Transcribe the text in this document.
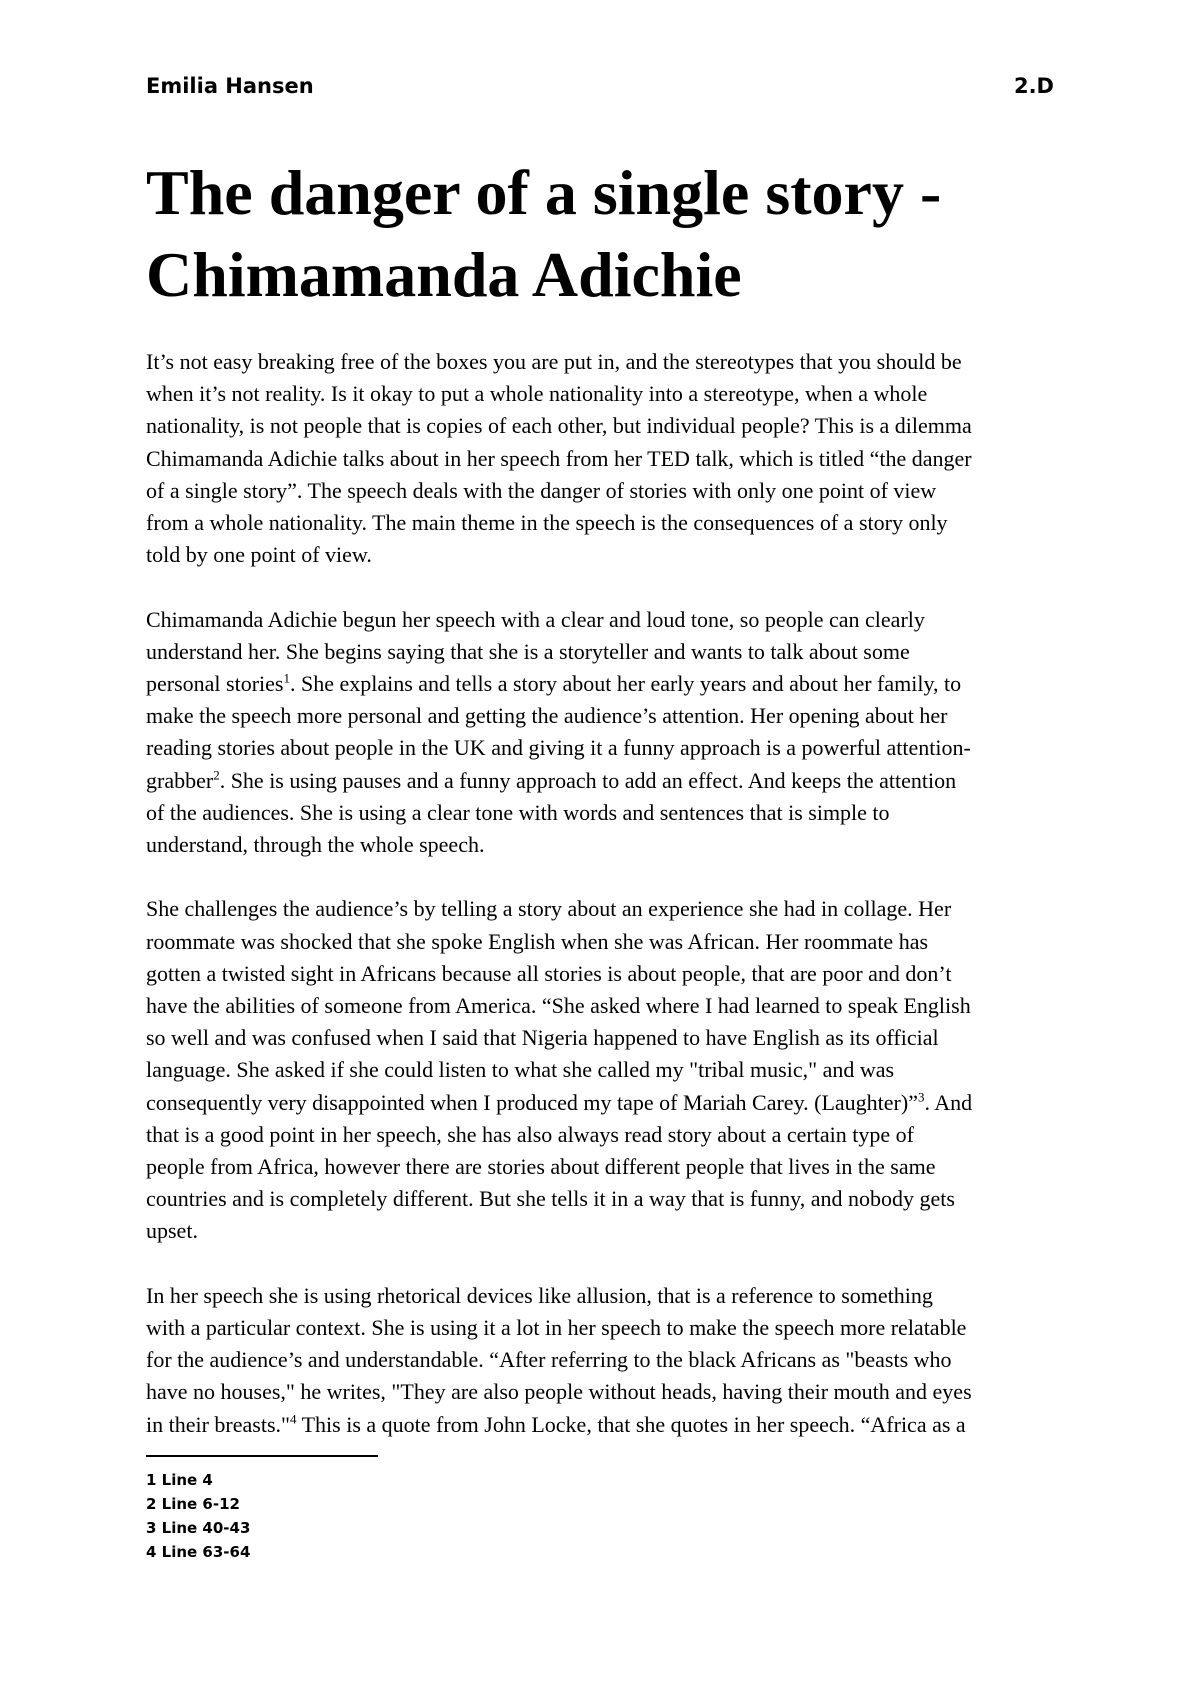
Emilia Hansen	2.D
The danger of a single story -
Chimamanda Adichie

It’s not easy breaking free of the boxes you are put in, and the stereotypes that you should be
when it’s not reality. Is it okay to put a whole nationality into a stereotype, when a whole
nationality, is not people that is copies of each other, but individual people? This is a dilemma
Chimamanda Adichie talks about in her speech from her TED talk, which is titled “the danger
of a single story”. The speech deals with the danger of stories with only one point of view
from a whole nationality. The main theme in the speech is the consequences of a story only
told by one point of view.

Chimamanda Adichie begun her speech with a clear and loud tone, so people can clearly
understand her. She begins saying that she is a storyteller and wants to talk about some
personal stories$^1$. She explains and tells a story about her early years and about her family, to
make the speech more personal and getting the audience’s attention. Her opening about her
reading stories about people in the UK and giving it a funny approach is a powerful attention-
grabber$^2$. She is using pauses and a funny approach to add an effect. And keeps the attention
of the audiences. She is using a clear tone with words and sentences that is simple to
understand, through the whole speech.

She challenges the audience’s by telling a story about an experience she had in collage. Her
roommate was shocked that she spoke English when she was African. Her roommate has
gotten a twisted sight in Africans because all stories is about people, that are poor and don’t
have the abilities of someone from America. “She asked where I had learned to speak English
so well and was confused when I said that Nigeria happened to have English as its official
language. She asked if she could listen to what she called my "tribal music," and was
consequently very disappointed when I produced my tape of Mariah Carey. (Laughter)”$^3$. And
that is a good point in her speech, she has also always read story about a certain type of
people from Africa, however there are stories about different people that lives in the same
countries and is completely different. But she tells it in a way that is funny, and nobody gets
upset.

In her speech she is using rhetorical devices like allusion, that is a reference to something
with a particular context. She is using it a lot in her speech to make the speech more relatable
for the audience’s and understandable. “After referring to the black Africans as "beasts who
have no houses," he writes, "They are also people without heads, having their mouth and eyes
in their breasts."$^4$ This is a quote from John Locke, that she quotes in her speech. “Africa as a

1 Line 4
2 Line 6-12
3 Line 40-43
4 Line 63-64
